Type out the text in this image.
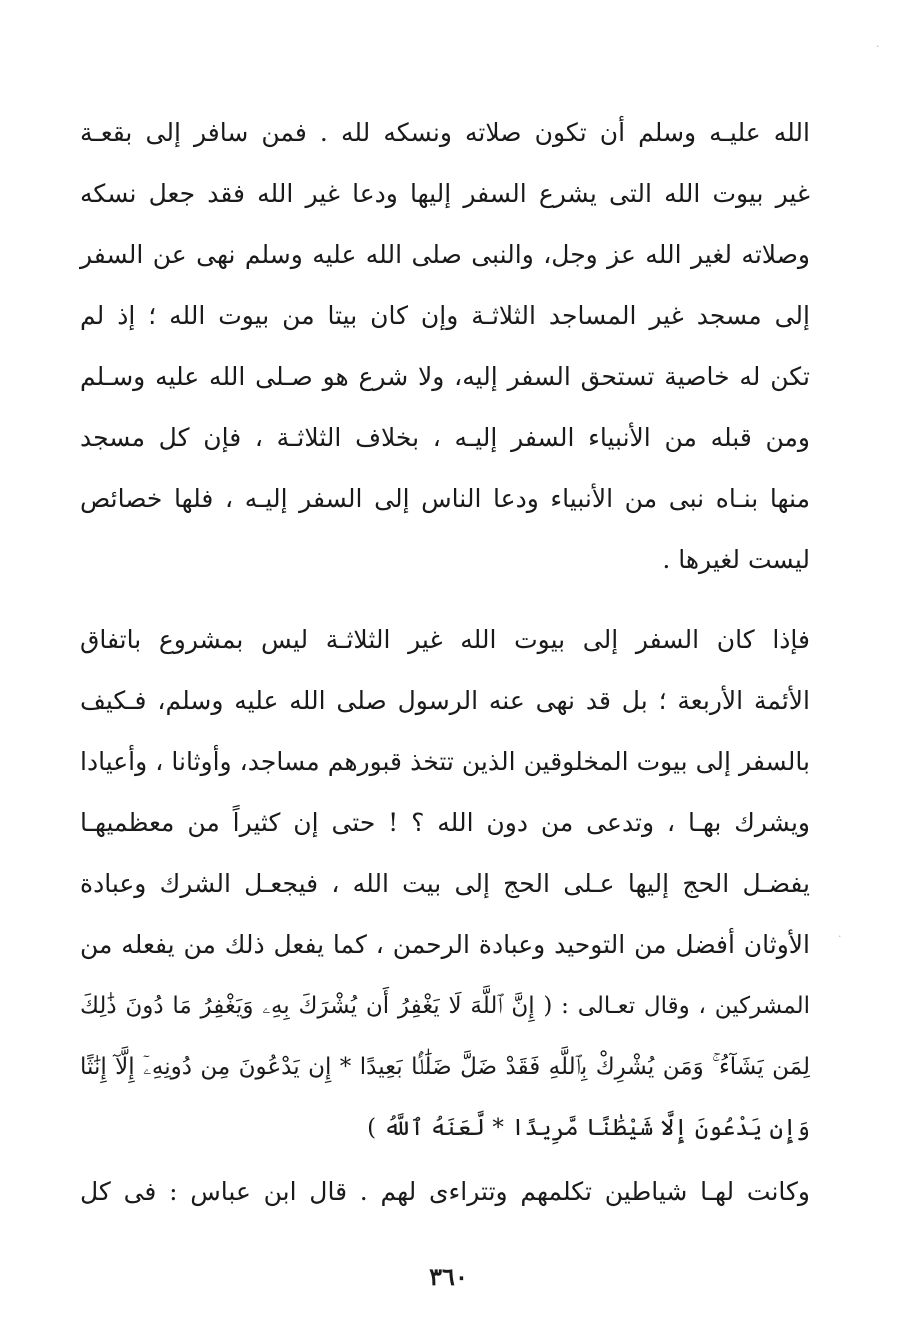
·
·
الله عليـه وسلم أن تكون صلاته ونسكه لله . فمن سافر إلى بقعـة
غير بيوت الله التى يشرع السفر إليها ودعا غير الله فقد جعل نسكه
وصلاته لغير الله عز وجل، والنبى صلى الله عليه وسلم نهى عن السفر
إلى مسجد غير المساجد الثلاثـة وإن كان بيتا من بيوت الله ؛ إذ لم
تكن له خاصية تستحق السفر إليه، ولا شرع هو صـلى الله عليه وسـلم
ومن قبله من الأنبياء السفر إليـه ، بخلاف الثلاثـة ، فإن كل مسجد
منها بنـاه نبى من الأنبياء ودعا الناس إلى السفر إليـه ، فلها خصائص
ليست لغيرها .
فإذا كان السفر إلى بيوت الله غير الثلاثـة ليس بمشروع باتفاق
الأئمة الأربعة ؛ بل قد نهى عنه الرسول صلى الله عليه وسلم، فـكيف
بالسفر إلى بيوت المخلوقين الذين تتخذ قبورهم مساجد، وأوثانا ، وأعيادا
ويشرك بهـا ، وتدعى من دون الله ؟ ! حتى إن كثيراً من معظميهـا
يفضـل الحج إليها عـلى الحج إلى بيت الله ، فيجعـل الشرك وعبادة
الأوثان أفضل من التوحيد وعبادة الرحمن ، كما يفعل ذلك من يفعله من
المشركين ، وقال تعـالى : ( إِنَّ ٱللَّهَ لَا يَغْفِرُ أَن يُشْرَكَ بِهِۦ وَيَغْفِرُ مَا دُونَ ذَٰلِكَ
لِمَن يَشَآءُ ۚ وَمَن يُشْرِكْ بِٱللَّهِ فَقَدْ ضَلَّ ضَلَٰلًۢا بَعِيدًا * إِن يَدْعُونَ مِن دُونِهِۦٓ إِلَّآ إِنَٰثًا
وَإِن يَدْعُونَ إِلَّا شَيْطَٰنًا مَّرِيدًا * لَّعَنَهُ ٱللَّهُ )
وكانت لهـا شياطين تكلمهم وتتراءى لهم . قال ابن عباس : فى كل
٣٦٠
